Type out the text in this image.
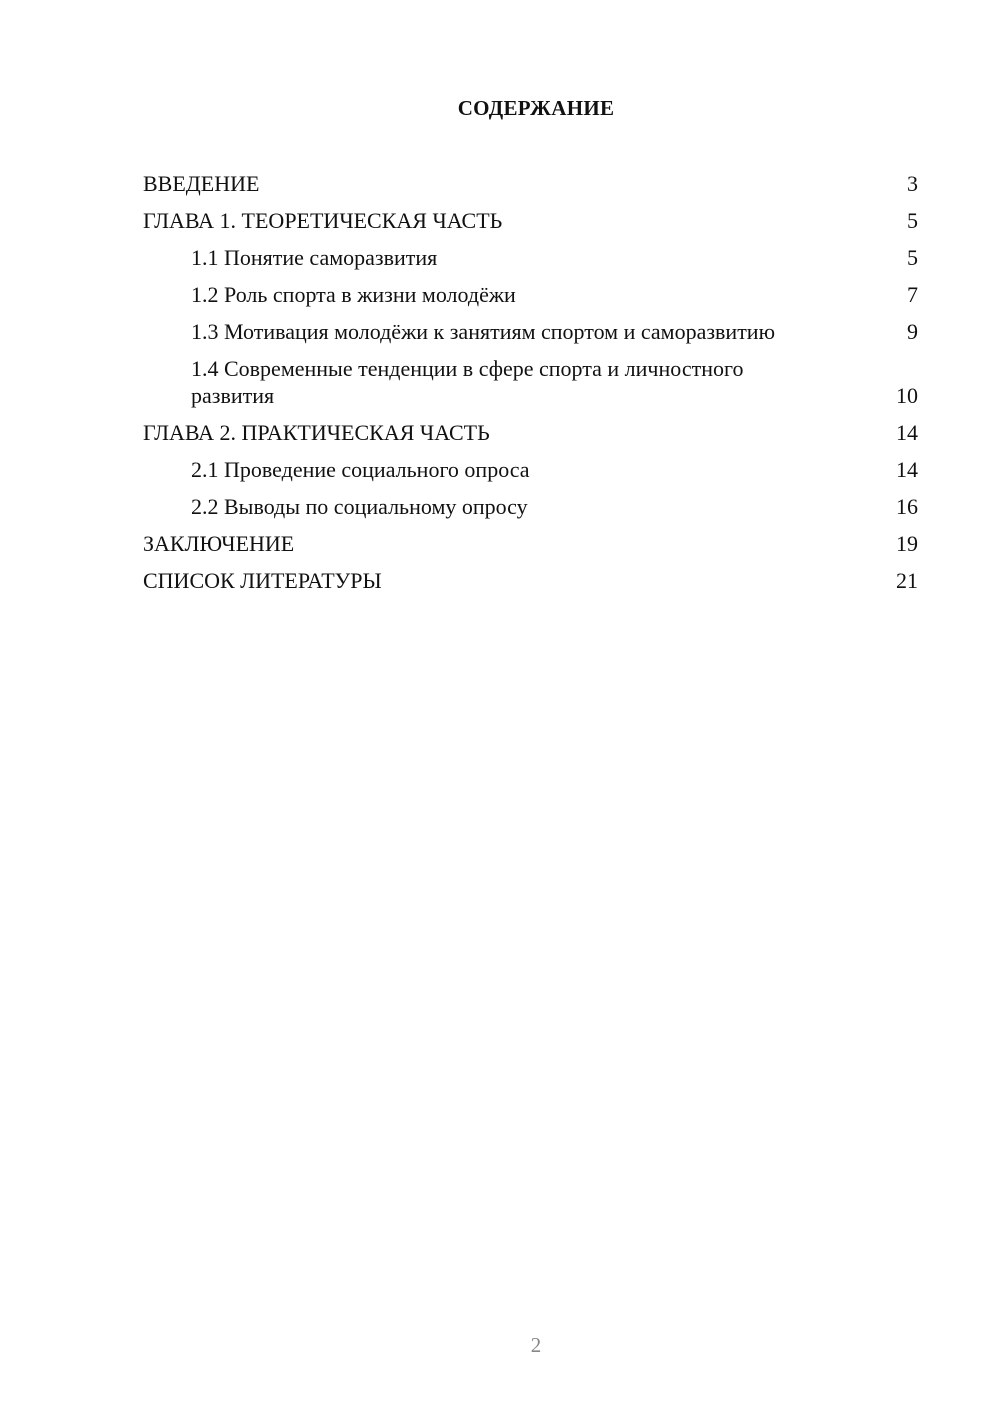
СОДЕРЖАНИЕ
ВВЕДЕНИЕ	3
ГЛАВА 1. ТЕОРЕТИЧЕСКАЯ ЧАСТЬ	5
1.1 Понятие саморазвития	5
1.2 Роль спорта в жизни молодёжи	7
1.3 Мотивация молодёжи к занятиям спортом и саморазвитию	9
1.4 Современные тенденции в сфере спорта и личностного развития	10
ГЛАВА 2. ПРАКТИЧЕСКАЯ ЧАСТЬ	14
2.1 Проведение социального опроса	14
2.2 Выводы по социальному опросу	16
ЗАКЛЮЧЕНИЕ	19
СПИСОК ЛИТЕРАТУРЫ	21
2
